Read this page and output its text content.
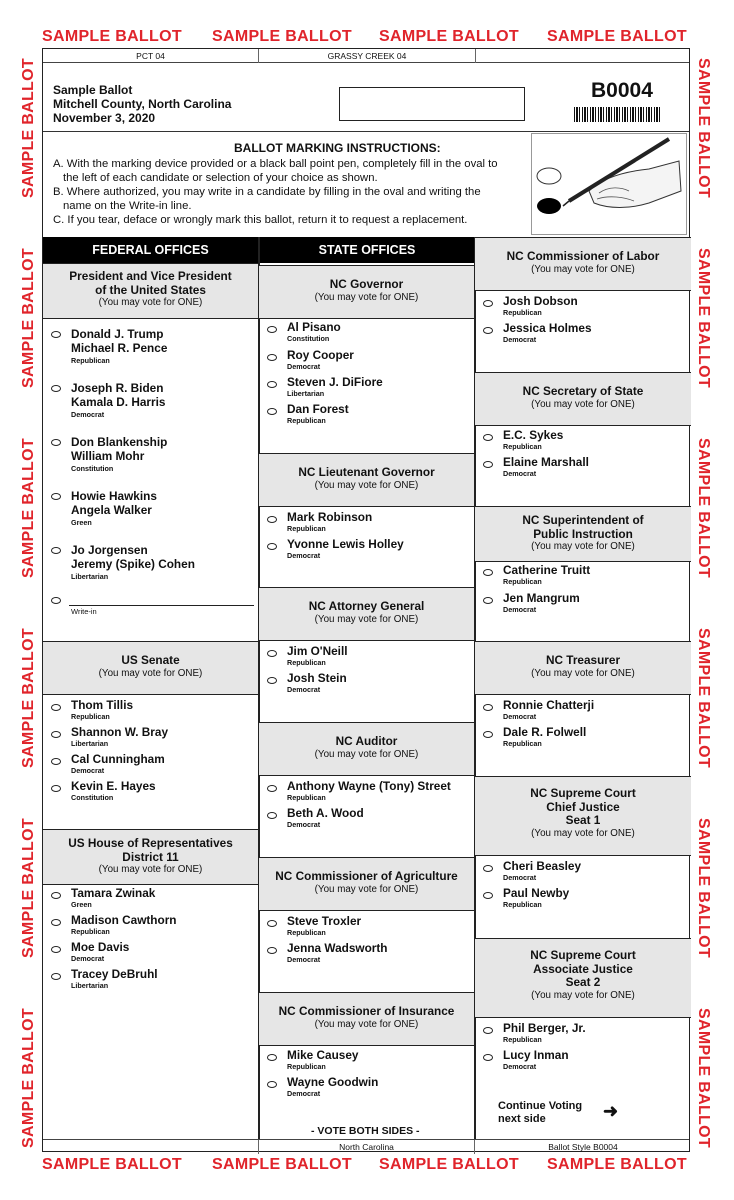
SAMPLE BALLOT SAMPLE BALLOT SAMPLE BALLOT SAMPLE BALLOT
SAMPLE BALLOT SAMPLE BALLOT SAMPLE BALLOT SAMPLE BALLOT
SAMPLE BALLOT
SAMPLE BALLOT
SAMPLE BALLOT
SAMPLE BALLOT
SAMPLE BALLOT
SAMPLE BALLOT
SAMPLE BALLOT
SAMPLE BALLOT
SAMPLE BALLOT
SAMPLE BALLOT
SAMPLE BALLOT
SAMPLE BALLOT
PCT 04	GRASSY CREEK 04
Sample Ballot
Mitchell County, North Carolina
November 3, 2020
B0004
BALLOT MARKING INSTRUCTIONS:
A. With the marking device provided or a black ball point pen, completely fill in the oval to
the left of each candidate or selection of your choice as shown.
B. Where authorized, you may write in a candidate by filling in the oval and writing the
name on the Write-in line.
C. If you tear, deface or wrongly mark this ballot, return it to request a replacement.
FEDERAL OFFICES	STATE OFFICES
President and Vice President
of the United States
(You may vote for ONE)
Donald J. Trump
Michael R. Pence
Republican
Joseph R. Biden
Kamala D. Harris
Democrat
Don Blankenship
William Mohr
Constitution
Howie Hawkins
Angela Walker
Green
Jo Jorgensen
Jeremy (Spike) Cohen
Libertarian
Write-in
US Senate
(You may vote for ONE)
Thom Tillis
Republican
Shannon W. Bray
Libertarian
Cal Cunningham
Democrat
Kevin E. Hayes
Constitution
US House of Representatives
District 11
(You may vote for ONE)
Tamara Zwinak
Green
Madison Cawthorn
Republican
Moe Davis
Democrat
Tracey DeBruhl
Libertarian
NC Governor
(You may vote for ONE)
Al Pisano
Constitution
Roy Cooper
Democrat
Steven J. DiFiore
Libertarian
Dan Forest
Republican
NC Lieutenant Governor
(You may vote for ONE)
Mark Robinson
Republican
Yvonne Lewis Holley
Democrat
NC Attorney General
(You may vote for ONE)
Jim O'Neill
Republican
Josh Stein
Democrat
NC Auditor
(You may vote for ONE)
Anthony Wayne (Tony) Street
Republican
Beth A. Wood
Democrat
NC Commissioner of Agriculture
(You may vote for ONE)
Steve Troxler
Republican
Jenna Wadsworth
Democrat
NC Commissioner of Insurance
(You may vote for ONE)
Mike Causey
Republican
Wayne Goodwin
Democrat
- VOTE BOTH SIDES -
NC Commissioner of Labor
(You may vote for ONE)
Josh Dobson
Republican
Jessica Holmes
Democrat
NC Secretary of State
(You may vote for ONE)
E.C. Sykes
Republican
Elaine Marshall
Democrat
NC Superintendent of
Public Instruction
(You may vote for ONE)
Catherine Truitt
Republican
Jen Mangrum
Democrat
NC Treasurer
(You may vote for ONE)
Ronnie Chatterji
Democrat
Dale R. Folwell
Republican
NC Supreme Court
Chief Justice
Seat 1
(You may vote for ONE)
Cheri Beasley
Democrat
Paul Newby
Republican
NC Supreme Court
Associate Justice
Seat 2
(You may vote for ONE)
Phil Berger, Jr.
Republican
Lucy Inman
Democrat
Continue Voting
next side	➜
North Carolina	Ballot Style B0004
